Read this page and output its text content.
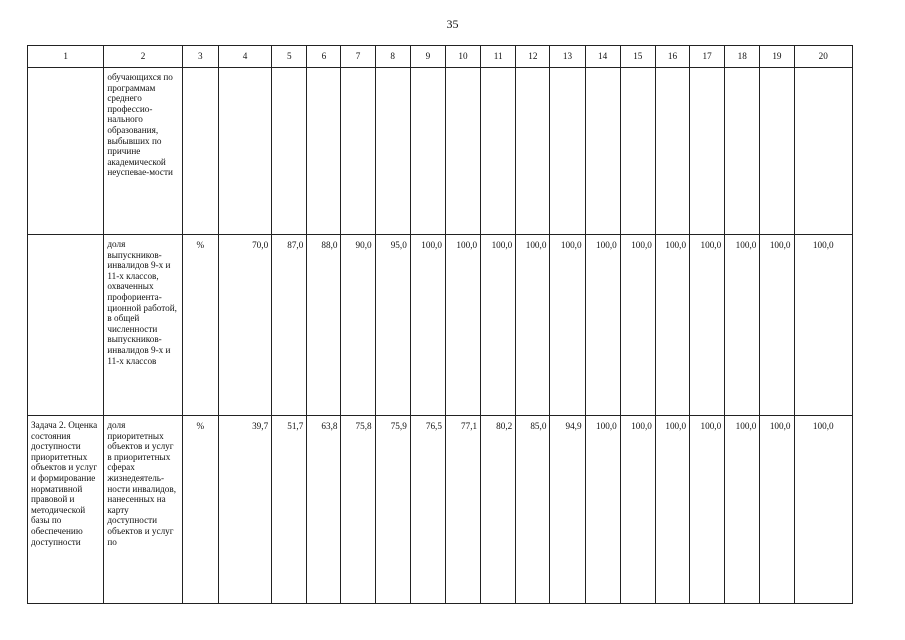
35
1	2	3	4	5	6	7	8	9	10	11	12	13	14	15	16	17	18	19	20
	обучающихся по программам среднего профессио-нального образования, выбывших по причине академической неуспевае-мости																		
	доля выпускников-инвалидов 9-х и 11-х классов, охваченных профориента-ционной работой, в общей численности выпускников-инвалидов 9-х и 11-х классов	%	70,0	87,0	88,0	90,0	95,0	100,0	100,0	100,0	100,0	100,0	100,0	100,0	100,0	100,0	100,0	100,0	100,0
Задача 2. Оценка состояния доступности приоритетных объектов и услуг и формирование нормативной правовой и методической базы по обеспечению доступности	доля приоритетных объектов и услуг в приоритетных сферах жизнедеятель-ности инвалидов, нанесенных на карту доступности объектов и услуг по	%	39,7	51,7	63,8	75,8	75,9	76,5	77,1	80,2	85,0	94,9	100,0	100,0	100,0	100,0	100,0	100,0	100,0
